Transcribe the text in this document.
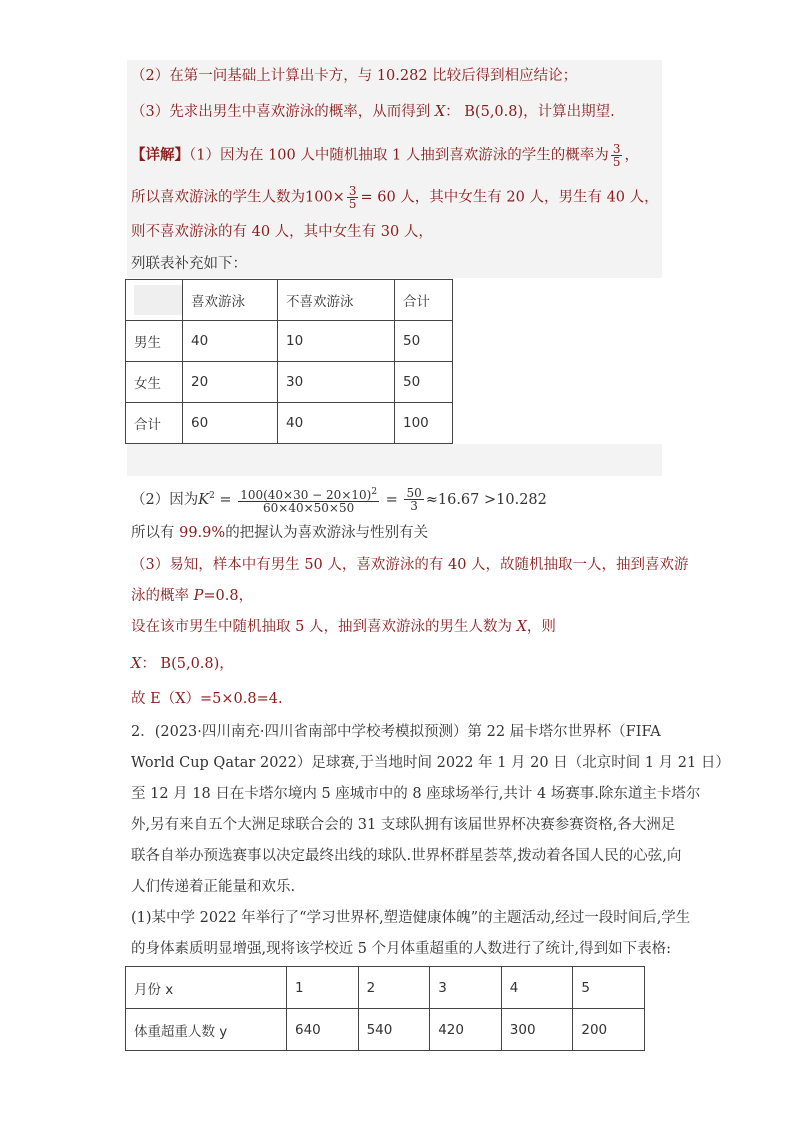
（2）在第一问基础上计算出卡方，与 10.282 比较后得到相应结论；
（3）先求出男生中喜欢游泳的概率，从而得到 X： B(5,0.8)，计算出期望.
【详解】（1）因为在 100 人中随机抽取 1 人抽到喜欢游泳的学生的概率为 $\frac{3}{5}$ ，
所以喜欢游泳的学生人数为$100\times \frac{3}{5} = 60$ 人，其中女生有 20 人，男生有 40 人，
则不喜欢游泳的有 40 人，其中女生有 30 人，
列联表补充如下：
	喜欢游泳	不喜欢游泳	合计
男生	40	10	50
女生	20	30	50
合计	60	40	100
（2）因为$K^2 = \frac{100(40\times 30 - 20\times 10)^2}{60\times 40\times 50\times 50} = \frac{50}{3} \approx 16.67 >10.282$
所以有 99.9%的把握认为喜欢游泳与性别有关
（3）易知，样本中有男生 50 人，喜欢游泳的有 40 人，故随机抽取一人，抽到喜欢游
泳的概率 P=0.8，
设在该市男生中随机抽取 5 人，抽到喜欢游泳的男生人数为 X，则
X： B(5,0.8)，
故 E（X）=5×0.8=4.
2．(2023·四川南充·四川省南部中学校考模拟预测）第 22 届卡塔尔世界杯（FIFA
World Cup Qatar 2022）足球赛,于当地时间 2022 年 1 月 20 日（北京时间 1 月 21 日）
至 12 月 18 日在卡塔尔境内 5 座城市中的 8 座球场举行,共计 4 场赛事.除东道主卡塔尔
外,另有来自五个大洲足球联合会的 31 支球队拥有该届世界杯决赛参赛资格,各大洲足
联各自举办预选赛事以决定最终出线的球队.世界杯群星荟萃,拨动着各国人民的心弦,向
人们传递着正能量和欢乐.
(1)某中学 2022 年举行了“学习世界杯,塑造健康体魄”的主题活动,经过一段时间后,学生
的身体素质明显增强,现将该学校近 5 个月体重超重的人数进行了统计,得到如下表格:
月份 x	1	2	3	4	5
体重超重人数 y	640	540	420	300	200
